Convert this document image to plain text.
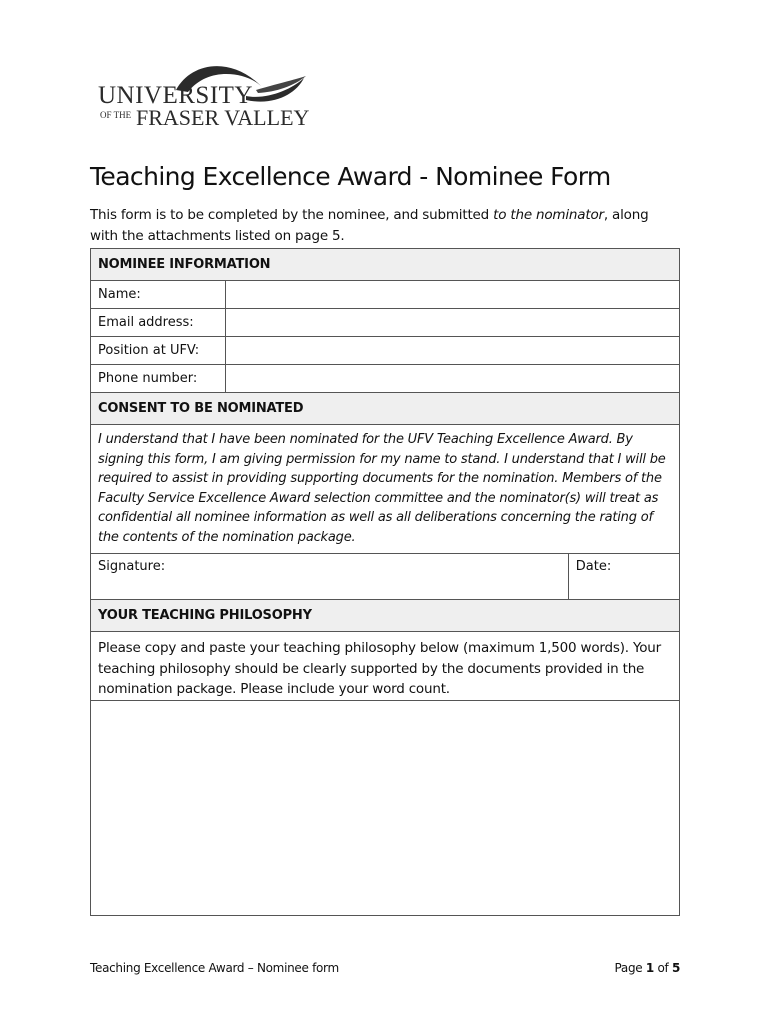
UNIVERSITY
OF THE FRASER VALLEY
Teaching Excellence Award - Nominee Form
This form is to be completed by the nominee, and submitted to the nominator, along with the attachments listed on page 5.
NOMINEE INFORMATION		
Name:		
Email address:		
Position at UFV:		
Phone number:		
CONSENT TO BE NOMINATED		
I understand that I have been nominated for the UFV Teaching Excellence Award. By signing this form, I am giving permission for my name to stand. I understand that I will be required to assist in providing supporting documents for the nomination. Members of the Faculty Service Excellence Award selection committee and the nominator(s) will treat as confidential all nominee information as well as all deliberations concerning the rating of the contents of the nomination package.		
Signature:		Date:
YOUR TEACHING PHILOSOPHY		
Please copy and paste your teaching philosophy below (maximum 1,500 words). Your teaching philosophy should be clearly supported by the documents provided in the nomination package. Please include your word count.		

Teaching Excellence Award – Nominee form	Page 1 of 5
